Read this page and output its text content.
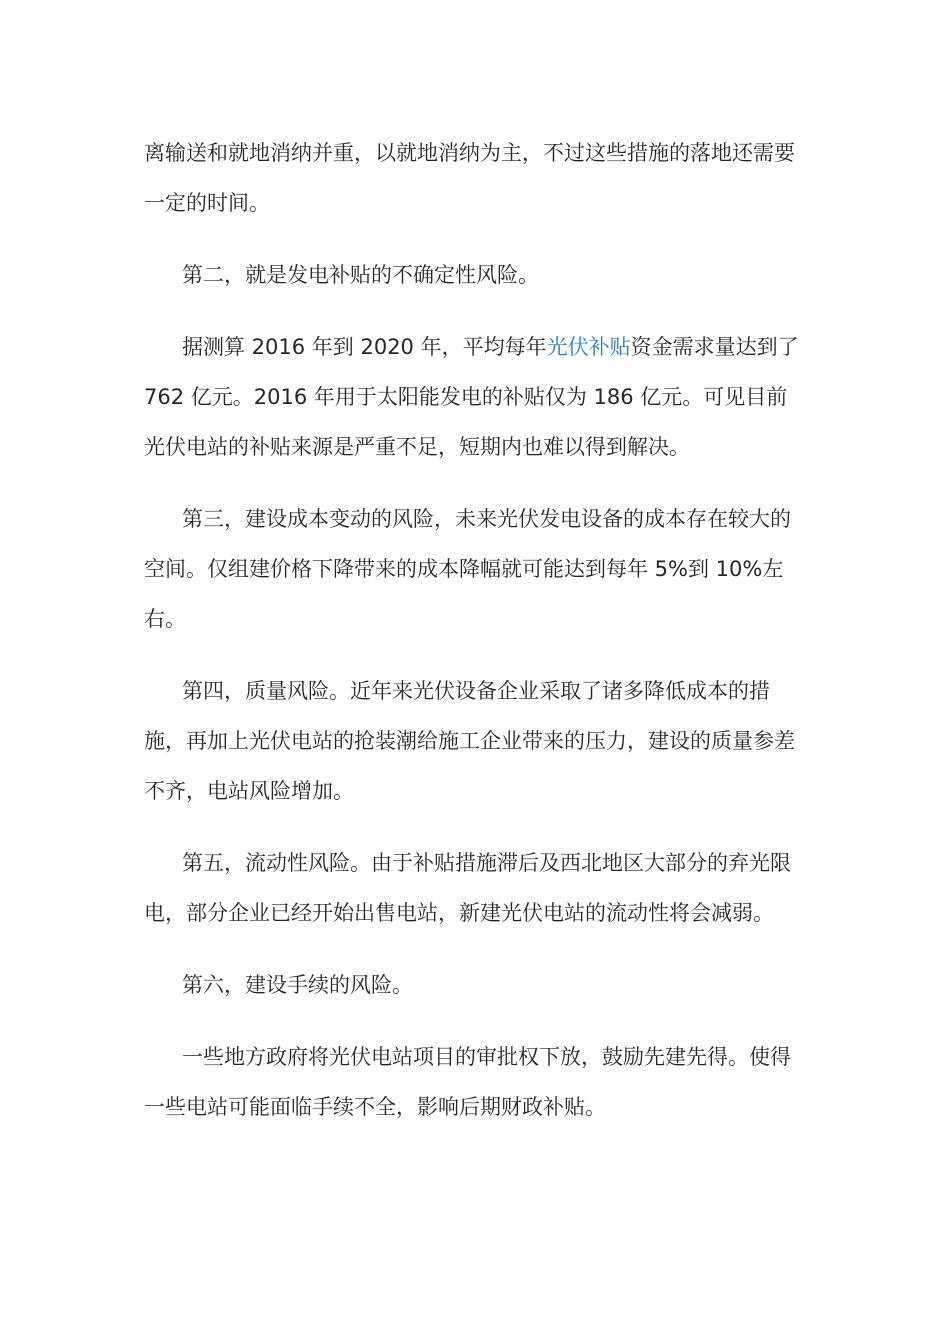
离输送和就地消纳并重，以就地消纳为主，不过这些措施的落地还需要一定的时间。

第二，就是发电补贴的不确定性风险。

据测算 2016 年到 2020 年，平均每年光伏补贴资金需求量达到了 762 亿元。2016 年用于太阳能发电的补贴仅为 186 亿元。可见目前光伏电站的补贴来源是严重不足，短期内也难以得到解决。

第三，建设成本变动的风险，未来光伏发电设备的成本存在较大的空间。仅组建价格下降带来的成本降幅就可能达到每年 5%到 10%左右。

第四，质量风险。近年来光伏设备企业采取了诸多降低成本的措施，再加上光伏电站的抢装潮给施工企业带来的压力，建设的质量参差不齐，电站风险增加。

第五，流动性风险。由于补贴措施滞后及西北地区大部分的弃光限电，部分企业已经开始出售电站，新建光伏电站的流动性将会减弱。

第六，建设手续的风险。

一些地方政府将光伏电站项目的审批权下放，鼓励先建先得。使得一些电站可能面临手续不全，影响后期财政补贴。
